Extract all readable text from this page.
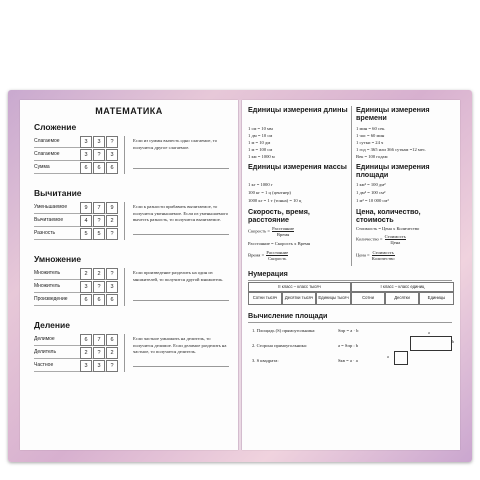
МАТЕМАТИКА
Сложение
Слагаемое	3	3	?
Слагаемое	3	?	3
Сумма	6	6	6
Если из суммы вычесть одно слагаемое, то получится другое слагаемое.
Вычитание
Уменьшаемое	9	7	9
Вычитаемое	4	?	2
Разность	5	5	?
Если к разности прибавить вычитаемое, то получится уменьшаемое. Если из уменьшаемого вычесть разность, то получится вычитаемое.
Умножение
Множитель	2	2	?
Множитель	3	?	3
Произведение	6	6	6
Если произведение разделить на один из множителей, то получится другой множитель.
Деление
Делимое	6	7	6
Делитель	2	?	2
Частное	3	3	?
Если частное умножить на делитель, то получится делимое. Если делимое разделить на частное, то получится делитель.
Единицы измерения длины
1 см = 10 мм
1 дм = 10 см
1 м = 10 дм
1 м = 100 см
1 км = 1000 м
Единицы измерения времени
1 мин = 60 сек.
1 час = 60 мин
1 сутки = 24 ч
1 год = 365 или 366 суткам =12 мес.
Век = 100 годам
Единицы измерения массы
1 кг = 1000 г
100 кг = 1 ц (центнер)
1000 кг = 1 т (тонна) = 10 ц
Единицы измерения площади
1 км² = 100 дм²
1 дм² = 100 см²
1 м² = 10 000 см²
Скорость, время, расстояние
Скорость =
Расстояние
Время
Расстояние = Скорость x Время
Время =
Расстояние
Скорость
Цена, количество, стоимость
Стоимость = Цена x Количество
Количество =
Стоимость
Цена
Цена =
Стоимость
Количество
Нумерация
II класс – класс тысяч	I класс – класс единиц
Сотни тысяч	Десятки тысяч	Единицы тысяч	Сотни	Десятки	Единицы
Вычисление площади
1. Площадь (S) прямоугольника:
2. Сторона прямоугольника:
3. S квадрата:
Sпр = a · b
a = Sпр : b
Sкв = a · a
a
b
a
